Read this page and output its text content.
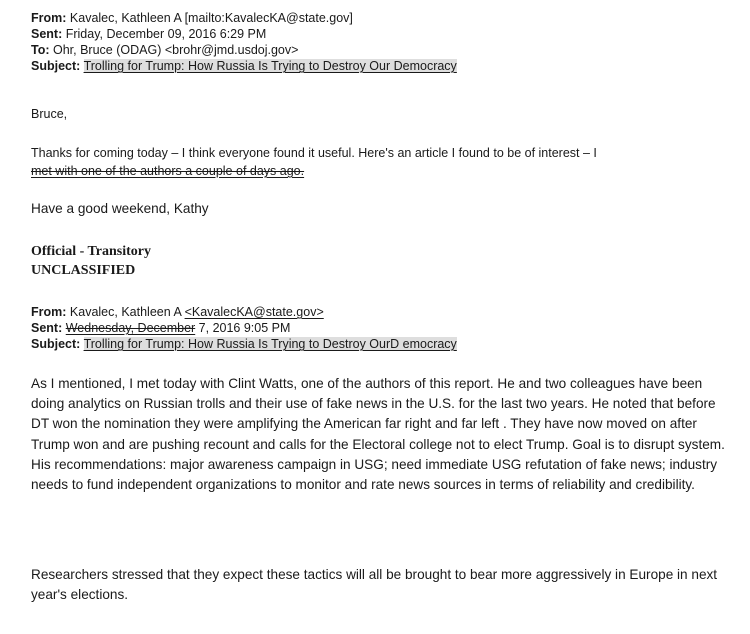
From: Kavalec, Kathleen A [mailto:KavalecKA@state.gov]
Sent: Friday, December 09, 2016 6:29 PM
To: Ohr, Bruce (ODAG) <brohr@jmd.usdoj.gov>
Subject: Trolling for Trump: How Russia Is Trying to Destroy Our Democracy
Bruce,
Thanks for coming today – I think everyone found it useful. Here's an article I found to be of interest – I
met with one of the authors a couple of days ago.
Have a good weekend, Kathy
Official - Transitory
UNCLASSIFIED
From: Kavalec, Kathleen A <KavalecKA@state.gov>
Sent: Wednesday, December 7, 2016 9:05 PM
Subject: Trolling for Trump: How Russia Is Trying to Destroy OurD emocracy
As I mentioned, I met today with Clint Watts, one of the authors of this report. He and two colleagues have been doing analytics on Russian trolls and their use of fake news in the U.S. for the last two years. He noted that before DT won the nomination they were amplifying the American far right and far left . They have now moved on after Trump won and are pushing recount and calls for the Electoral college not to elect Trump. Goal is to disrupt system. His recommendations: major awareness campaign in USG; need immediate USG refutation of fake news; industry needs to fund independent organizations to monitor and rate news sources in terms of reliability and credibility.
Researchers stressed that they expect these tactics will all be brought to bear more aggressively in Europe in next year's elections.
